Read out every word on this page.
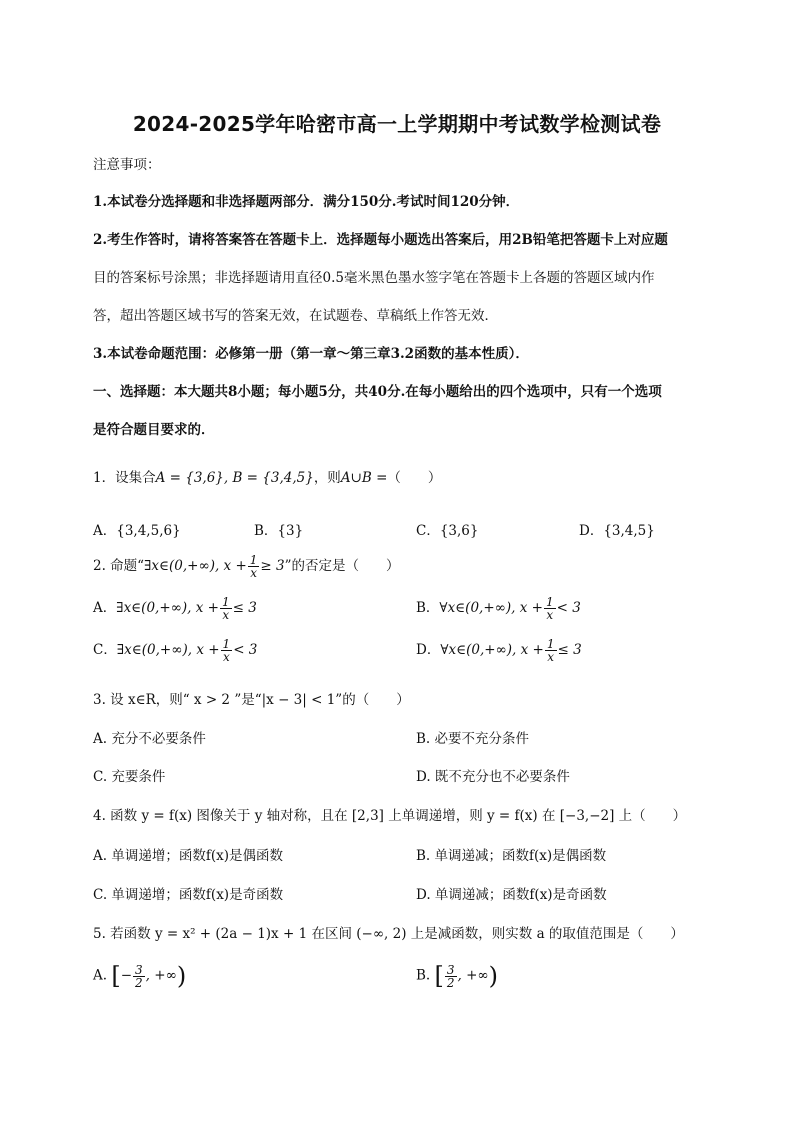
2024-2025学年哈密市高一上学期期中考试数学检测试卷
注意事项：
1.本试卷分选择题和非选择题两部分．满分150分.考试时间120分钟．
2.考生作答时，请将答案答在答题卡上．选择题每小题选出答案后，用2B铅笔把答题卡上对应题
目的答案标号涂黑；非选择题请用直径0.5毫米黑色墨水签字笔在答题卡上各题的答题区域内作
答，超出答题区域书写的答案无效，在试题卷、草稿纸上作答无效．
3.本试卷命题范围：必修第一册（第一章～第三章3.2函数的基本性质）．
一、选择题：本大题共8小题；每小题5分，共40分.在每小题给出的四个选项中，只有一个选项
是符合题目要求的．
1．设集合A = {3,6}, B = {3,4,5}，则A∪B =（　　）
A．{3,4,5,6}	B．{3}	C．{3,6}	D．{3,4,5}
2. 命题“∃x∈(0,+∞), $x + \frac{1}{x} \ge 3$”的否定是（　　）
A．∃x∈(0,+∞), $x + \frac{1}{x} \le 3$	B．∀x∈(0,+∞), $x + \frac{1}{x} < 3$
C．∃x∈(0,+∞), $x + \frac{1}{x} < 3$	D．∀x∈(0,+∞), $x + \frac{1}{x} \le 3$
3. 设 x∈R，则“ x > 2 ”是“|x − 3| < 1”的（　　）
A. 充分不必要条件	B. 必要不充分条件
C. 充要条件	D. 既不充分也不必要条件
4. 函数 y = f(x) 图像关于 y 轴对称，且在 [2,3] 上单调递增，则 y = f(x) 在 [−3,−2] 上（　　）
A. 单调递增；函数f(x)是偶函数	B. 单调递减；函数f(x)是偶函数
C. 单调递增；函数f(x)是奇函数	D. 单调递减；函数f(x)是奇函数
5. 若函数 y = x² + (2a − 1)x + 1 在区间 (−∞, 2) 上是减函数，则实数 a 的取值范围是（　　）
A. [− $\frac{3}{2}$ , +∞)	B. [ $\frac{3}{2}$ , +∞)
